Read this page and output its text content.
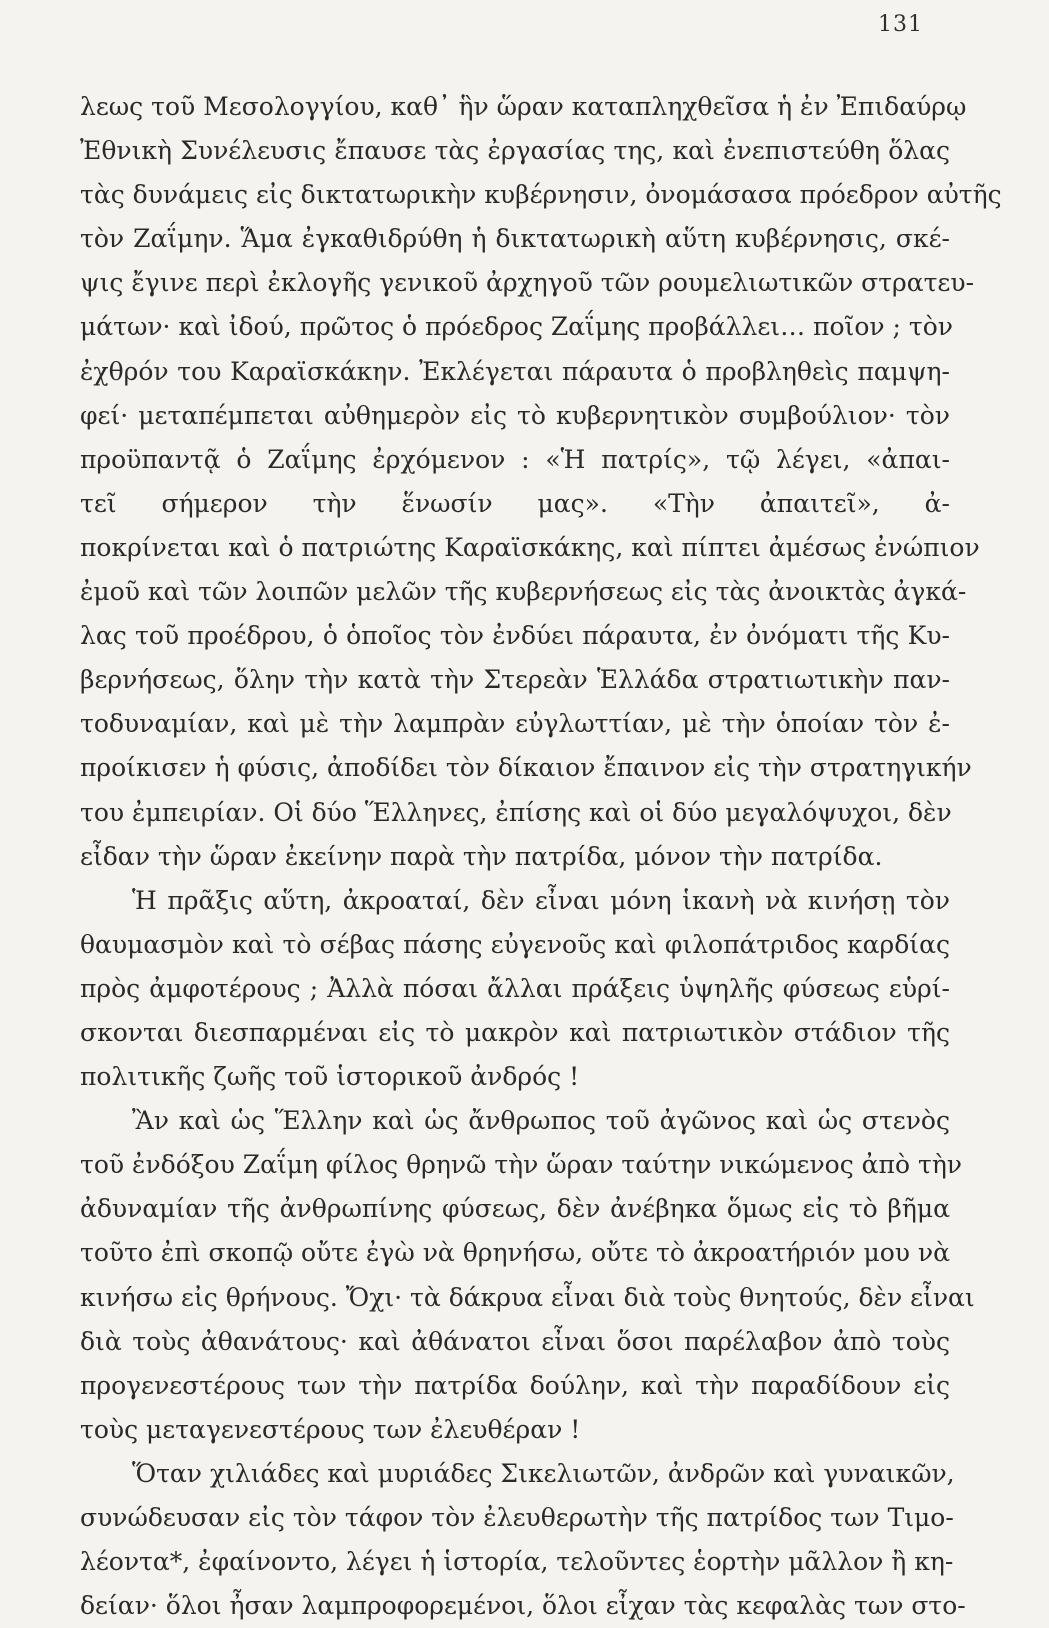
131
λεως τοῦ Μεσολογγίου, καθ᾽ ἣν ὥραν καταπληχθεῖσα ἡ ἐν Ἐπιδαύρῳ
Ἐθνικὴ Συνέλευσις ἔπαυσε τὰς ἐργασίας της, καὶ ἐνεπιστεύθη ὅλας
τὰς δυνάμεις εἰς δικτατωρικὴν κυβέρνησιν, ὀνομάσασα πρόεδρον αὐτῆς
τὸν Ζαΐμην. Ἅμα ἐγκαθιδρύθη ἡ δικτατωρικὴ αὕτη κυβέρνησις, σκέ-
ψις ἔγινε περὶ ἐκλογῆς γενικοῦ ἀρχηγοῦ τῶν ρουμελιωτικῶν στρατευ-
μάτων· καὶ ἰδού, πρῶτος ὁ πρόεδρος Ζαΐμης προβάλλει… ποῖον ; τὸν
ἐχθρόν του Καραϊσκάκην. Ἐκλέγεται πάραυτα ὁ προβληθεὶς παμψη-
φεί· μεταπέμπεται αὐθημερὸν εἰς τὸ κυβερνητικὸν συμβούλιον· τὸν
προϋπαντᾷ ὁ Ζαΐμης ἐρχόμενον : «Ἡ πατρίς», τῷ λέγει, «ἀπαι-
τεῖ σήμερον τὴν ἕνωσίν μας». «Τὴν ἀπαιτεῖ», ἀ-
ποκρίνεται καὶ ὁ πατριώτης Καραϊσκάκης, καὶ πίπτει ἀμέσως ἐνώπιον
ἐμοῦ καὶ τῶν λοιπῶν μελῶν τῆς κυβερνήσεως εἰς τὰς ἀνοικτὰς ἀγκά-
λας τοῦ προέδρου, ὁ ὁποῖος τὸν ἐνδύει πάραυτα, ἐν ὀνόματι τῆς Κυ-
βερνήσεως, ὅλην τὴν κατὰ τὴν Στερεὰν Ἑλλάδα στρατιωτικὴν παν-
τοδυναμίαν, καὶ μὲ τὴν λαμπρὰν εὐγλωττίαν, μὲ τὴν ὁποίαν τὸν ἐ-
προίκισεν ἡ φύσις, ἀποδίδει τὸν δίκαιον ἔπαινον εἰς τὴν στρατηγικήν
του ἐμπειρίαν. Οἱ δύο Ἕλληνες, ἐπίσης καὶ οἱ δύο μεγαλόψυχοι, δὲν
εἶδαν τὴν ὥραν ἐκείνην παρὰ τὴν πατρίδα, μόνον τὴν πατρίδα.
Ἡ πρᾶξις αὕτη, ἀκροαταί, δὲν εἶναι μόνη ἱκανὴ νὰ κινήσῃ τὸν
θαυμασμὸν καὶ τὸ σέβας πάσης εὐγενοῦς καὶ φιλοπάτριδος καρδίας
πρὸς ἀμφοτέρους ; Ἀλλὰ πόσαι ἄλλαι πράξεις ὑψηλῆς φύσεως εὑρί-
σκονται διεσπαρμέναι εἰς τὸ μακρὸν καὶ πατριωτικὸν στάδιον τῆς
πολιτικῆς ζωῆς τοῦ ἱστορικοῦ ἀνδρός !
Ἂν καὶ ὡς Ἕλλην καὶ ὡς ἄνθρωπος τοῦ ἀγῶνος καὶ ὡς στενὸς
τοῦ ἐνδόξου Ζαΐμη φίλος θρηνῶ τὴν ὥραν ταύτην νικώμενος ἀπὸ τὴν
ἀδυναμίαν τῆς ἀνθρωπίνης φύσεως, δὲν ἀνέβηκα ὅμως εἰς τὸ βῆμα
τοῦτο ἐπὶ σκοπῷ οὔτε ἐγὼ νὰ θρηνήσω, οὔτε τὸ ἀκροατήριόν μου νὰ
κινήσω εἰς θρήνους. Ὄχι· τὰ δάκρυα εἶναι διὰ τοὺς θνητούς, δὲν εἶναι
διὰ τοὺς ἀθανάτους· καὶ ἀθάνατοι εἶναι ὅσοι παρέλαβον ἀπὸ τοὺς
προγενεστέρους των τὴν πατρίδα δούλην, καὶ τὴν παραδίδουν εἰς
τοὺς μεταγενεστέρους των ἐλευθέραν !
Ὅταν χιλιάδες καὶ μυριάδες Σικελιωτῶν, ἀνδρῶν καὶ γυναικῶν,
συνώδευσαν εἰς τὸν τάφον τὸν ἐλευθερωτὴν τῆς πατρίδος των Τιμο-
λέοντα*, ἐφαίνοντο, λέγει ἡ ἱστορία, τελοῦντες ἑορτὴν μᾶλλον ἢ κη-
δείαν· ὅλοι ἦσαν λαμπροφορεμένοι, ὅλοι εἶχαν τὰς κεφαλὰς των στο-
